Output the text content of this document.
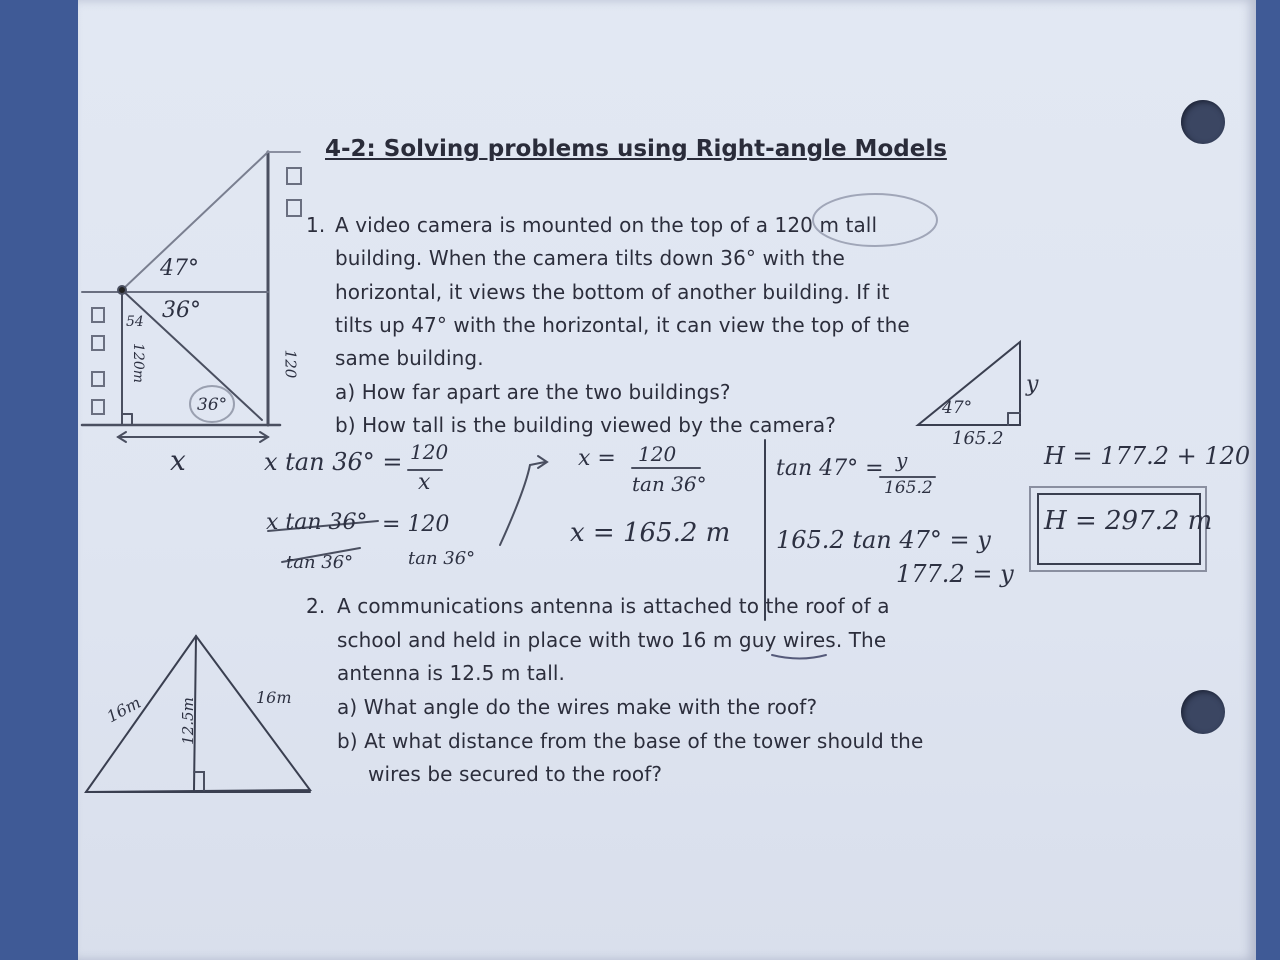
4-2: Solving problems using Right-angle Models
1. A video camera is mounted on the top of a 120 m tall
building. When the camera tilts down 36° with the
horizontal, it views the bottom of another building. If it
tilts up 47° with the horizontal, it can view the top of the
same building.
a) How far apart are the two buildings?
b) How tall is the building viewed by the camera?
2. A communications antenna is attached to the roof of a
school and held in place with two 16 m guy wires. The
antenna is 12.5 m tall.
a) What angle do the wires make with the roof?
b) At what distance from the base of the tower should the
wires be secured to the roof?
47°
36°
54
120m	120
36°
x	x tan 36° = 120
x
x tan 36° = 120
tan 36°	tan 36°
x = 120
tan 36°
x = 165.2 m
47°
y
165.2
tan 47° = y
165.2
165.2 tan 47° = y
177.2 = y
H = 177.2 + 120
H = 297.2 m
16m	16m
12.5m
